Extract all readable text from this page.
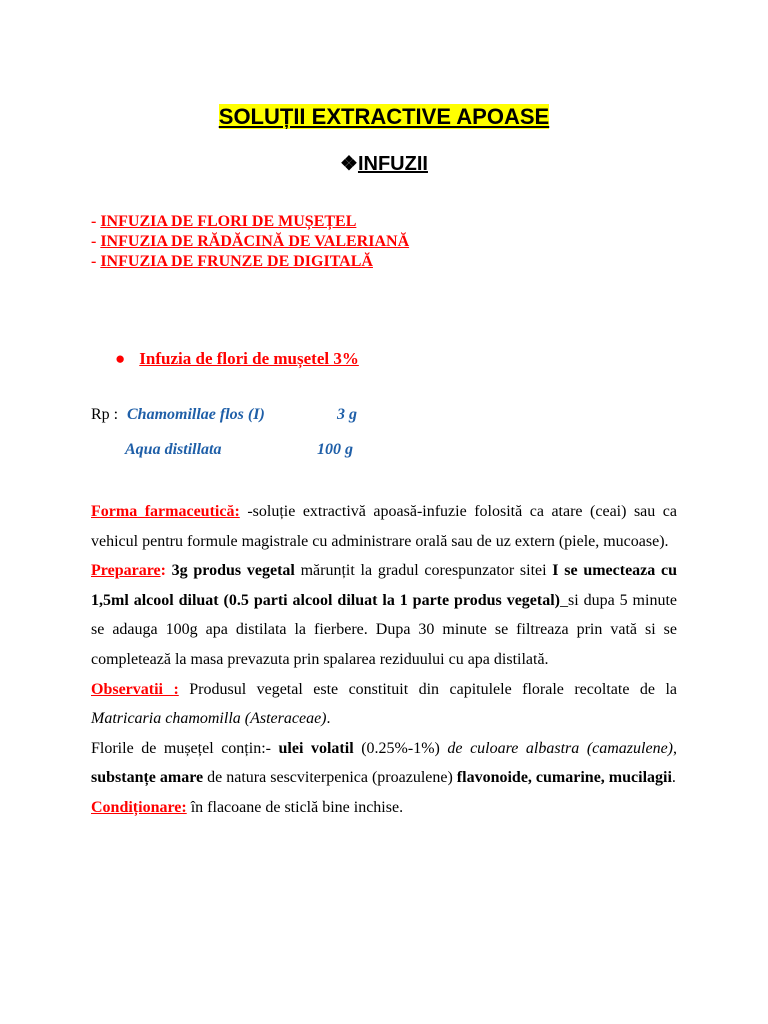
SOLUȚII EXTRACTIVE APOASE
❖INFUZII
- INFUZIA DE FLORI DE MUȘEȚEL
- INFUZIA DE RĂDĂCINĂ DE VALERIANĂ
- INFUZIA DE FRUNZE DE DIGITALĂ
● Infuzia de flori de mușetel 3%
Rp : Chamomillae flos (I)	3 g
Aqua distillata	100 g

Forma farmaceutică: -soluție extractivă apoasă-infuzie folosită ca atare (ceai) sau ca vehicul pentru formule magistrale cu administrare orală sau de uz extern (piele, mucoase).

Preparare: 3g produs vegetal mărunțit la gradul corespunzator sitei I se umecteaza cu 1,5ml alcool diluat (0.5 parti alcool diluat la 1 parte produs vegetal)_si dupa 5 minute se adauga 100g apa distilata la fierbere. Dupa 30 minute se filtreaza prin vată si se completează la masa prevazuta prin spalarea reziduului cu apa distilată.

Observatii : Produsul vegetal este constituit din capitulele florale recoltate de la Matricaria chamomilla (Asteraceae).

Florile de mușețel conțin:- ulei volatil (0.25%-1%) de culoare albastra (camazulene), substanțe amare de natura sescviterpenica (proazulene) flavonoide, cumarine, mucilagii.

Condiționare: în flacoane de sticlă bine inchise.
